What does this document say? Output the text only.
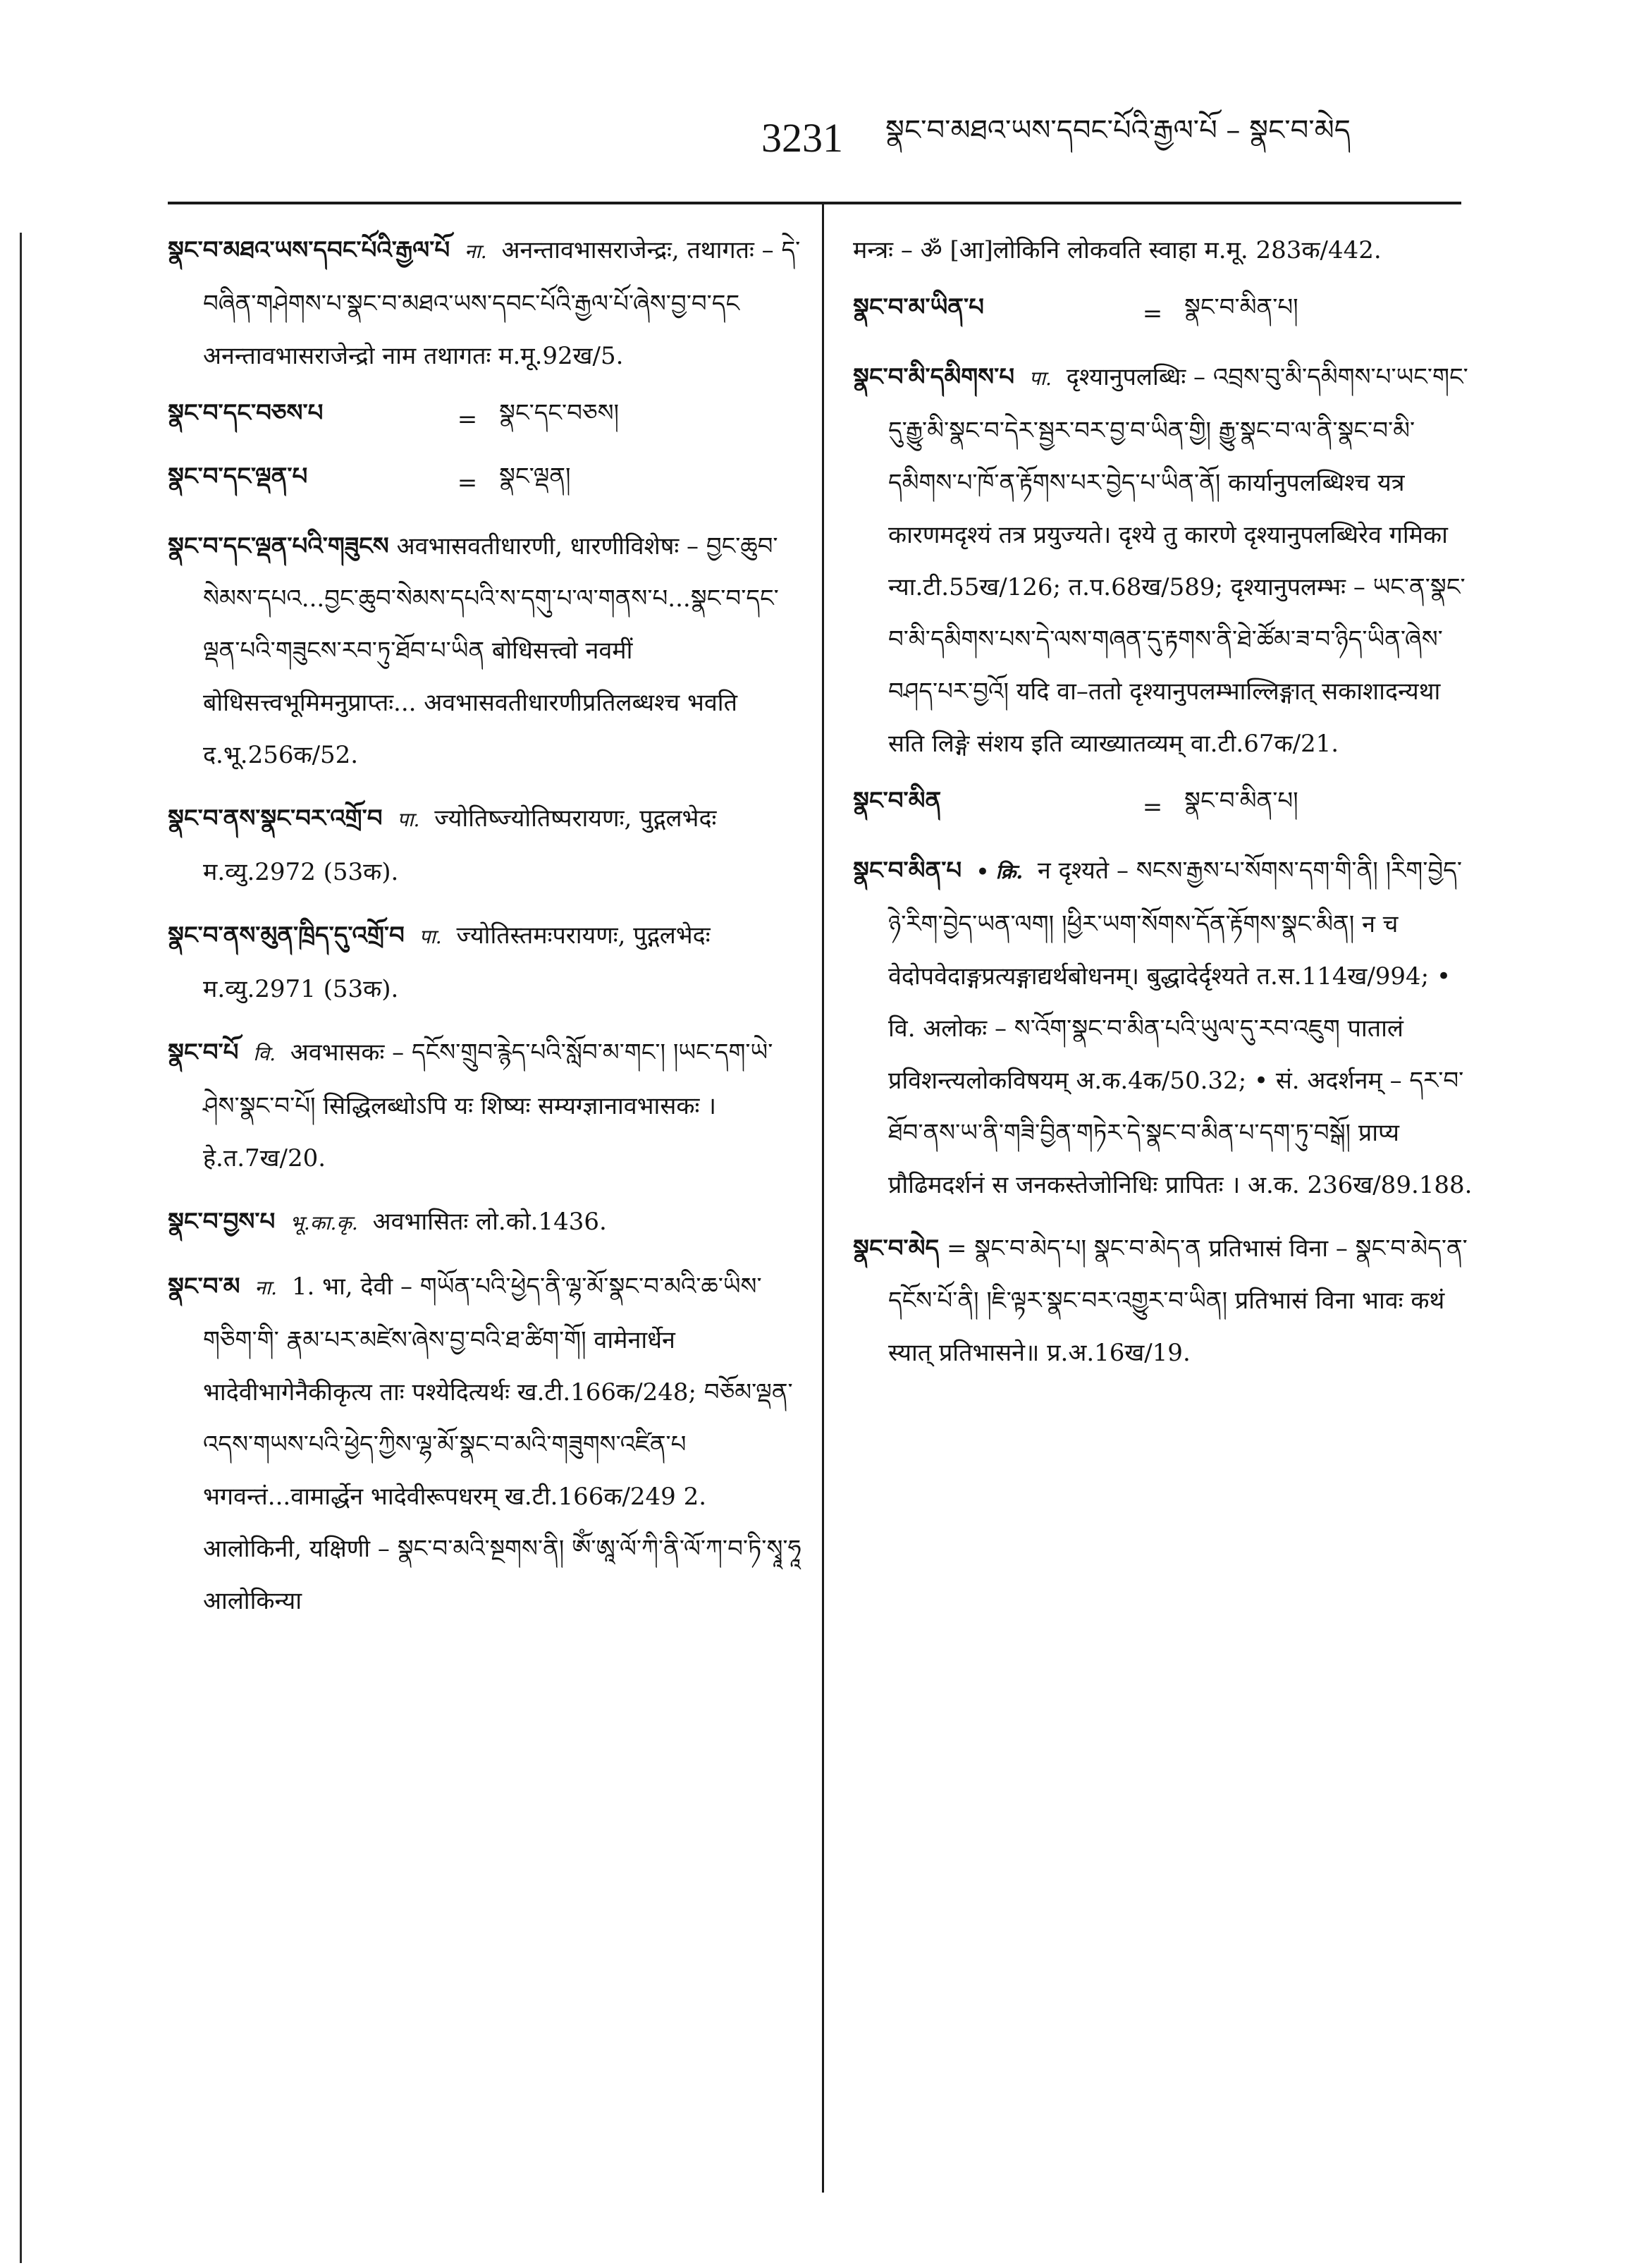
3231 སྣང་བ་མཐའ་ཡས་དབང་པོའི་རྒྱལ་པོ – སྣང་བ་མེད

སྣང་བ་མཐའ་ཡས་དབང་པོའི་རྒྱལ་པོ ना. अनन्तावभासराजेन्द्रः, तथागतः – དེ་བཞིན་གཤེགས་པ་སྣང་བ་མཐའ་ཡས་དབང་པོའི་རྒྱལ་པོ་ཞེས་བྱ་བ་དང अनन्तावभासराजेन्द्रो नाम तथागतः म.मू.92ख/5.

སྣང་བ་དང་བཅས་པ	= སྣང་དང་བཅས།
སྣང་བ་དང་ལྡན་པ	= སྣང་ལྡན།

སྣང་བ་དང་ལྡན་པའི་གཟུངས अवभासवतीधारणी, धारणीविशेषः – བྱང་ཆུབ་སེམས་དཔའ...བྱང་ཆུབ་སེམས་དཔའི་ས་དགུ་པ་ལ་གནས་པ...སྣང་བ་དང་ལྡན་པའི་གཟུངས་རབ་ཏུ་ཐོབ་པ་ཡིན बोधिसत्त्वो नवमीं बोधिसत्त्वभूमिमनुप्राप्तः... अवभासवतीधारणीप्रतिलब्धश्च भवति द.भू.256क/52.

སྣང་བ་ནས་སྣང་བར་འགྲོ་བ पा. ज्योतिष्ज्योतिष्परायणः, पुद्गलभेदः म.व्यु.2972 (53क).

སྣང་བ་ནས་མུན་ཁྲིད་དུ་འགྲོ་བ पा. ज्योतिस्तमःपरायणः, पुद्गलभेदः म.व्यु.2971 (53क).

སྣང་བ་པོ वि. अवभासकः – དངོས་གྲུབ་རྙེད་པའི་སློབ་མ་གང་། །ཡང་དག་ཡེ་ཤེས་སྣང་བ་པོ། सिद्धिलब्धोऽपि यः शिष्यः सम्यग्ज्ञानावभासकः । हे.त.7ख/20.

སྣང་བ་བྱས་པ भू.का.कृ. अवभासितः लो.को.1436.

སྣང་བ་མ ना. 1. भा, देवी – གཡོན་པའི་ཕྱེད་ནི་ལྷ་མོ་སྣང་བ་མའི་ཆ་ཡིས་གཅིག་གི་ རྣམ་པར་མཛེས་ཞེས་བྱ་བའི་ཐ་ཚིག་གོ། वामेनार्धेन भादेवीभागेनैकीकृत्य ताः पश्येदित्यर्थः ख.टी.166क/248; བཅོམ་ལྡན་འདས་གཡས་པའི་ཕྱེད་ཀྱིས་ལྷ་མོ་སྣང་བ་མའི་གཟུགས་འཛིན་པ भगवन्तं...वामार्द्धेन भादेवीरूपधरम् ख.टी.166क/249 2. आलोकिनी, यक्षिणी – སྣང་བ་མའི་སྔགས་ནི། ཨོཾ་ཨཱ་ལོ་ཀི་ནི་ལོ་ཀ་བ་ཏི་སྭཱ་ཧཱ आलोकिन्या

मन्त्रः – ॐ [आ]लोकिनि लोकवति स्वाहा म.मू. 283क/442.

སྣང་བ་མ་ཡིན་པ	= སྣང་བ་མིན་པ།

སྣང་བ་མི་དམིགས་པ पा. दृश्यानुपलब्धिः – འབྲས་བུ་མི་དམིགས་པ་ཡང་གང་དུ་རྒྱུ་མི་སྣང་བ་དེར་སྦྱར་བར་བྱ་བ་ཡིན་གྱི། རྒྱུ་སྣང་བ་ལ་ནི་སྣང་བ་མི་དམིགས་པ་ཁོ་ན་རྟོགས་པར་བྱེད་པ་ཡིན་ནོ། कार्यानुपलब्धिश्च यत्र कारणमदृश्यं तत्र प्रयुज्यते। दृश्ये तु कारणे दृश्यानुपलब्धिरेव गमिका न्या.टी.55ख/126; त.प.68ख/589; दृश्यानुपलम्भः – ཡང་ན་སྣང་བ་མི་དམིགས་པས་དེ་ལས་གཞན་དུ་རྟགས་ནི་ཐེ་ཚོམ་ཟ་བ་ཉིད་ཡིན་ཞེས་བཤད་པར་བྱའོ། यदि वा–ततो दृश्यानुपलम्भाल्लिङ्गात् सकाशादन्यथा सति लिङ्गे संशय इति व्याख्यातव्यम् वा.टी.67क/21.

སྣང་བ་མིན	= སྣང་བ་མིན་པ།

སྣང་བ་མིན་པ • क्रि. न दृश्यते – སངས་རྒྱས་པ་སོགས་དག་གི་ནི། །རིག་བྱེད་ཉེ་རིག་བྱེད་ཡན་ལག། །ཕྱིར་ཡག་སོགས་དོན་རྟོགས་སྣང་མིན། न च वेदोपवेदाङ्गप्रत्यङ्गाद्यर्थबोधनम्। बुद्धादेर्दृश्यते त.स.114ख/994; • वि. अलोकः – ས་འོག་སྣང་བ་མིན་པའི་ཡུལ་དུ་རབ་འཇུག पातालं प्रविशन्त्यलोकविषयम् अ.क.4क/50.32; • सं. अदर्शनम् – དར་བ་ཐོབ་ནས་ཡ་ནི་གཟི་བྱིན་གཏེར་དེ་སྣང་བ་མིན་པ་དག་ཏུ་བསྒོ། प्राप्य प्रौढिमदर्शनं स जनकस्तेजोनिधिः प्रापितः । अ.क. 236ख/89.188.

སྣང་བ་མེད = སྣང་བ་མེད་པ། སྣང་བ་མེད་ན प्रतिभासं विना – སྣང་བ་མེད་ན་དངོས་པོ་ནི། །ཇི་ལྟར་སྣང་བར་འགྱུར་བ་ཡིན། प्रतिभासं विना भावः कथं स्यात् प्रतिभासने॥ प्र.अ.16ख/19.
